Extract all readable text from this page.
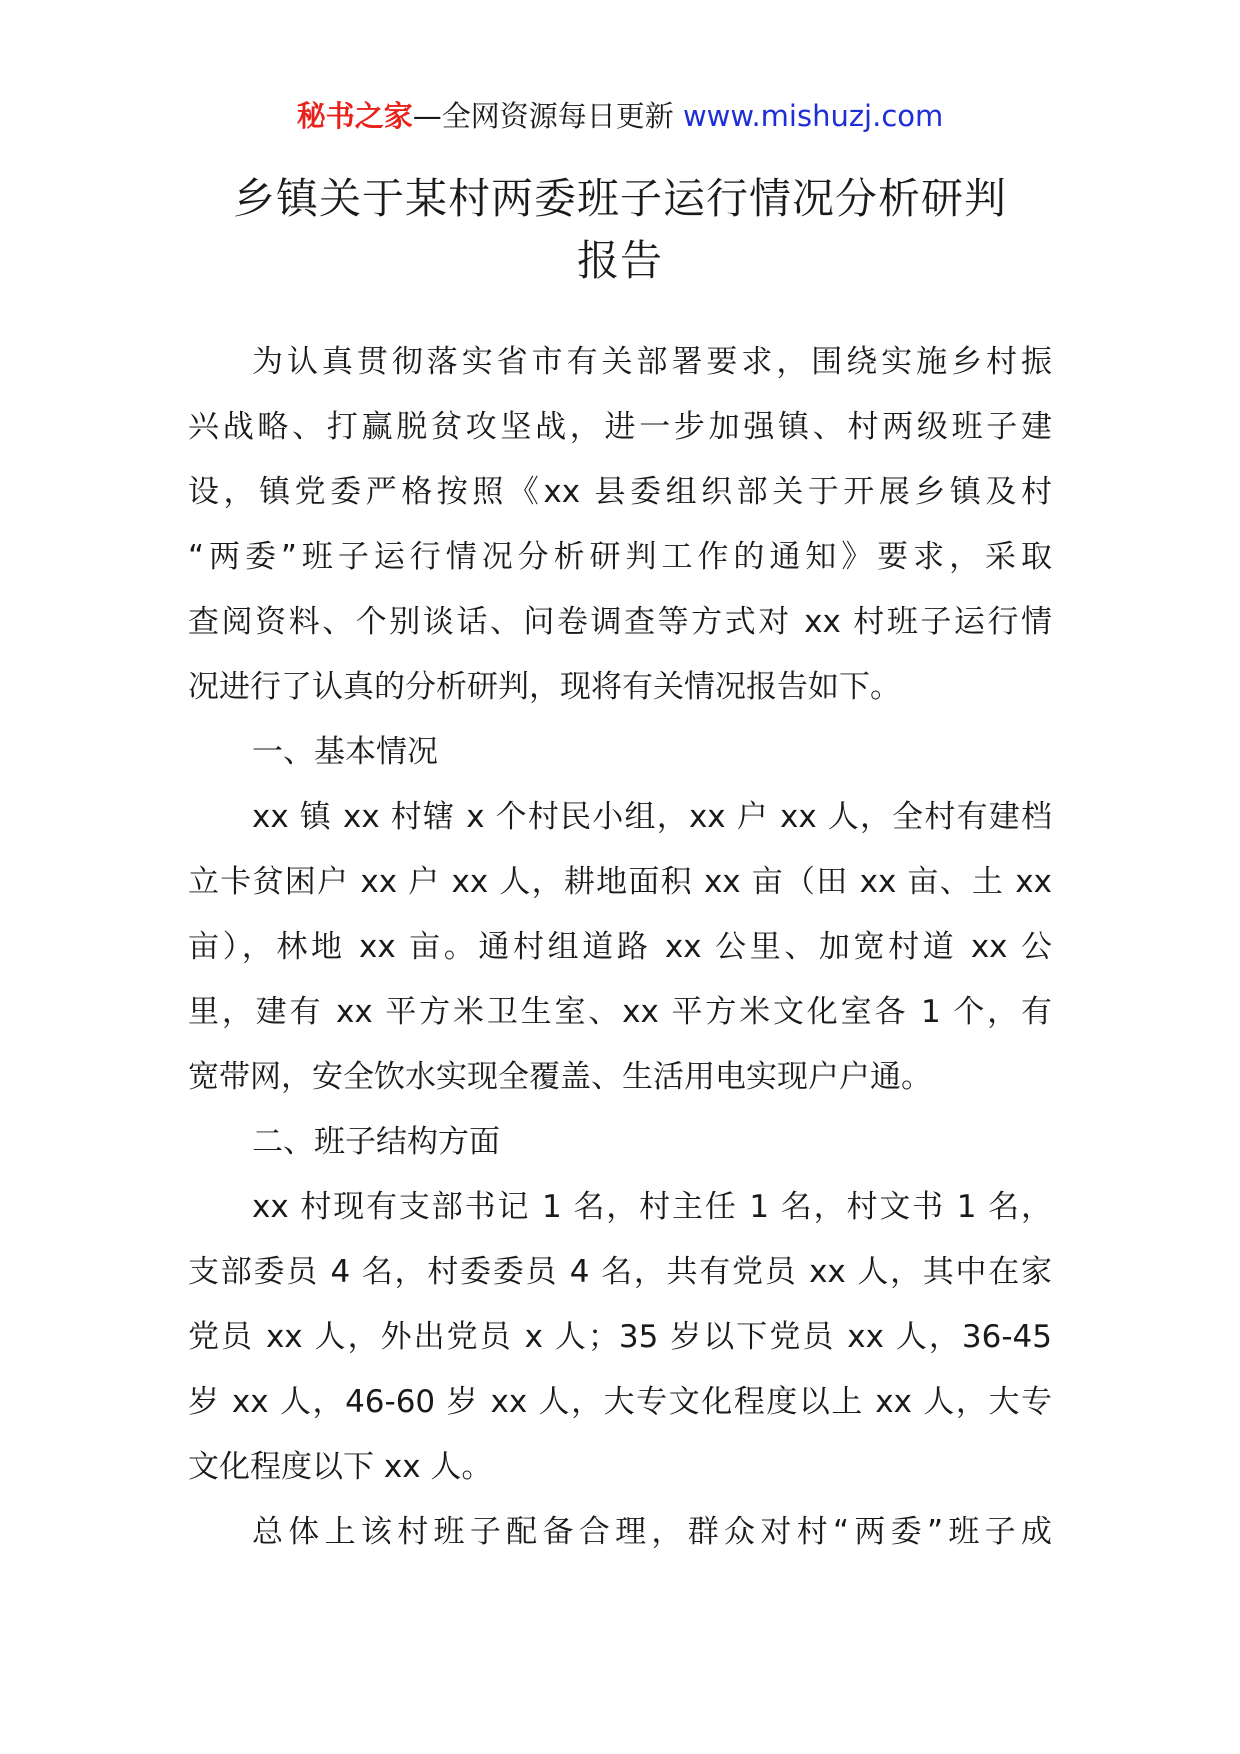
秘书之家—全网资源每日更新 www.mishuzj.com
乡镇关于某村两委班子运行情况分析研判
报告
为认真贯彻落实省市有关部署要求，围绕实施乡村振
兴战略、打赢脱贫攻坚战，进一步加强镇、村两级班子建
设，镇党委严格按照《xx 县委组织部关于开展乡镇及村
“两委”班子运行情况分析研判工作的通知》要求，采取
查阅资料、个别谈话、问卷调查等方式对 xx 村班子运行情
况进行了认真的分析研判，现将有关情况报告如下。
一、基本情况
xx 镇 xx 村辖 x 个村民小组，xx 户 xx 人，全村有建档
立卡贫困户 xx 户 xx 人，耕地面积 xx 亩（田 xx 亩、土 xx
亩），林地 xx 亩。通村组道路 xx 公里、加宽村道 xx 公
里，建有 xx 平方米卫生室、xx 平方米文化室各 1 个，有
宽带网，安全饮水实现全覆盖、生活用电实现户户通。
二、班子结构方面
xx 村现有支部书记 1 名，村主任 1 名，村文书 1 名，
支部委员 4 名，村委委员 4 名，共有党员 xx 人，其中在家
党员 xx 人，外出党员 x 人；35 岁以下党员 xx 人，36-45
岁 xx 人，46-60 岁 xx 人，大专文化程度以上 xx 人，大专
文化程度以下 xx 人。
总体上该村班子配备合理，群众对村“两委”班子成
